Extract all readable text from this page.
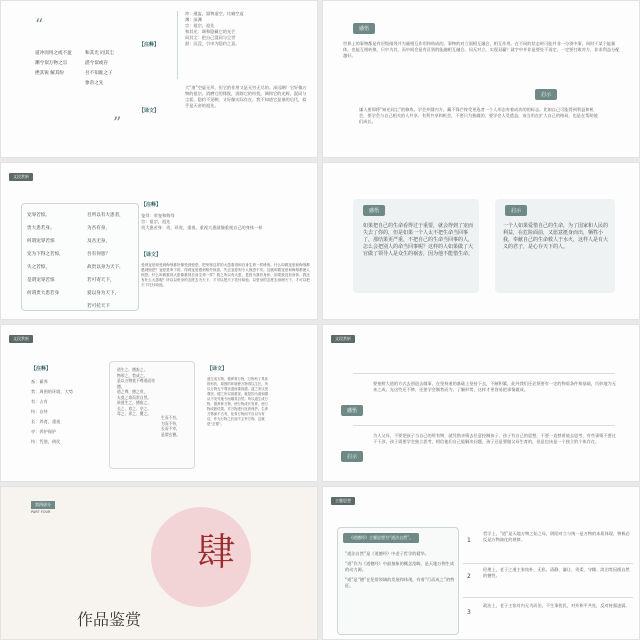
“
道冲而用之或不盈
渊兮似万物之宗
挫其锐 解其纷
和其光 同其尘
湛兮似或存
吾不知谁之子
象帝之先
”
【注释】
【译文】
冲：通盅，器物虚空，比喻空虚
渊：深渊
宗：祖宗，祖先
和其光：调和隐藏它的光芒
同其尘：把自己混同与尘世
湛：沉没，引申为隐约之意。
大“道”空虚无形，但它的作用又是无穷无尽的。深远啊！它好像万物的祖宗。消磨它的锋锐，消除它的纷扰，调和它的光辉，混同与尘垢。隐约不见啊，又好像实际存在。我不知道它是谁的后代，似乎是天帝的祖先。
感悟
世界上的事物都是有层级排列并为量相互作用和构成的。事物的对立面相互融合，相互作用。在不同的状态时可能并非一分别中事，同时于某个能量体，也能互相转换，只中为其，而中间会是有区别的能融相互融合。问无对立，实现双赢？就字中并非是要处不再定，一定要打败对方，非求利益分配越好。
启示
谦人要即将“知光同尘”的修炼，学会外圆内方。藏不锋芒终受更选者一个人形态有着成功的的标志。比如自己可能得到利益和机会，要学会与自己相关的人共享。有利共享和机会，不要只为独做的，要学会人受遗益，该当用在扩大自己的格局，也是在帮助他们成长。
文段赏析
宠辱若惊。
贵大患若身。
何谓宠辱若惊
宠为下得之若惊，
失之若惊，
是谓宠辱若惊
何谓贵大患若身
吾所以有大患者，
为吾有身，
及吾无身，
吾有何患？
故贵以身为天下，
若可寄天下，
爱以身为天下，
若可托天下
【注释】
宠辱：荣宠和侮辱
宗：祖宗，祖先
贵大患若身：贵，珍贵，重视。重视大患就像重视自己的身体一样
【译文】
受到宠爱和受到侮辱都好像受到惊恐，把荣辱这样的大患看得和自身生命一样珍贵。什么叫做宠爱和侮辱都感到惊恐？宠爱是卑下的，得到宠爱感到格外惊喜，失去宠爱则令人惊恐不安。这就叫做宠爱和侮辱都使人惊恐。什么叫做重视大患像重视自身生命一样？我之所以有大患，是因为我有身体，如果我没有身体，我还有什么大患呢？所以以贵身的态度去为天下，才可以把天下托付给他；以爱身的态度去治理天下，才可以把天下托付给他。
感悟
如果把自己的生命看得过于重要，就会得到了宠而失去了你的，但是如果一个人太不把生命当回事了，那结果更严重，不把自己的生命当回事的人，怎么会把别人的命当回事呢？这样的人如果做了大官做了领导人是众生的祸害，因为他不能惜生命。
启示
一个人如果爱惜自己的生命，为了国家和人民的利益，在危险面前，又愿意挺身而出，牺牲小我，奉献自己的生命救人于水火，这样人是有大义的君子，是心存天下的人。
文段赏析
【注释】
畜：蓄养
势：周围的环境、大势
有：占有
恃：自恃
长：养育，重视
亭：养护保护
恃：凭借，倚仗
道生之，德畜之，
物形之，势成之。
是以万物莫不尊道而贵德。
道之尊，德之贵，
夫莫之命而常自然。
故道生之，德畜之，
长之、育之、亭之、
毒之、养之、覆之。
生而不有，
为而不恃，
长而不宰，
是谓玄德。
【译文】
道生成万物，德养育万物，万物有了具体的形状，周围的环境使万物得以生长。所以万物无不尊崇道而重视德。道之所以受尊崇，德之所以被重视，就是因为道和德从不发号施令而顺其自然。所以道生成万物，德养育万物，使万物成长发育，使万物成熟结果，对万物进行抚育保护。生养万物而不占有，化育万物而不自以为有功，作为万物之长而不主宰万物，这就是“玄德”。
文段赏析
感悟
要按照大道的方式去创造去做事，在坚持道的基础上坚持下去，不断积累，此外我们还必须要有一定的物质条件和基础，巧妙地为无来之成。光这些还不够，还要学会顺势而为，了解形势，这样才更容易把事情做成。
启示
为人父母，不要把孩子当自己的所有物，就凭借亲情去任意控制孩子，孩子有自己的思想，不要一直替着他去思考，有些事情不要过于干涉，孩子需要学会独立思考，相信他们自己能解决问题，孩子还是要做父母生育的，但是也该是一个独立的个体存在。
第四部分
PART FOUR
肆
作品鉴赏
主题思想
《道德经》主题思想为“道法自然”。
“道法自然”是《道德经》中老子哲学的精华。
“道”作为《道德经》中最抽象的概念范畴，是天地万物生成的动力源。
“道”是“德”在伦常领域的发展和体现，有着“行而成之”的特征。
1
哲学上，“道”是天地万物之始之母，阴阳对立与统一是万物的本质体现，物极必反是万物演化的规律。
2
伦理上，老子之道主张纯朴、无私、清静、谦让、贵柔、守雌、淡泊等因循自然的德性。
3
政治上，老子主张对内无为而治，不生事扰民，对外和平共处，反对持强凌弱。
